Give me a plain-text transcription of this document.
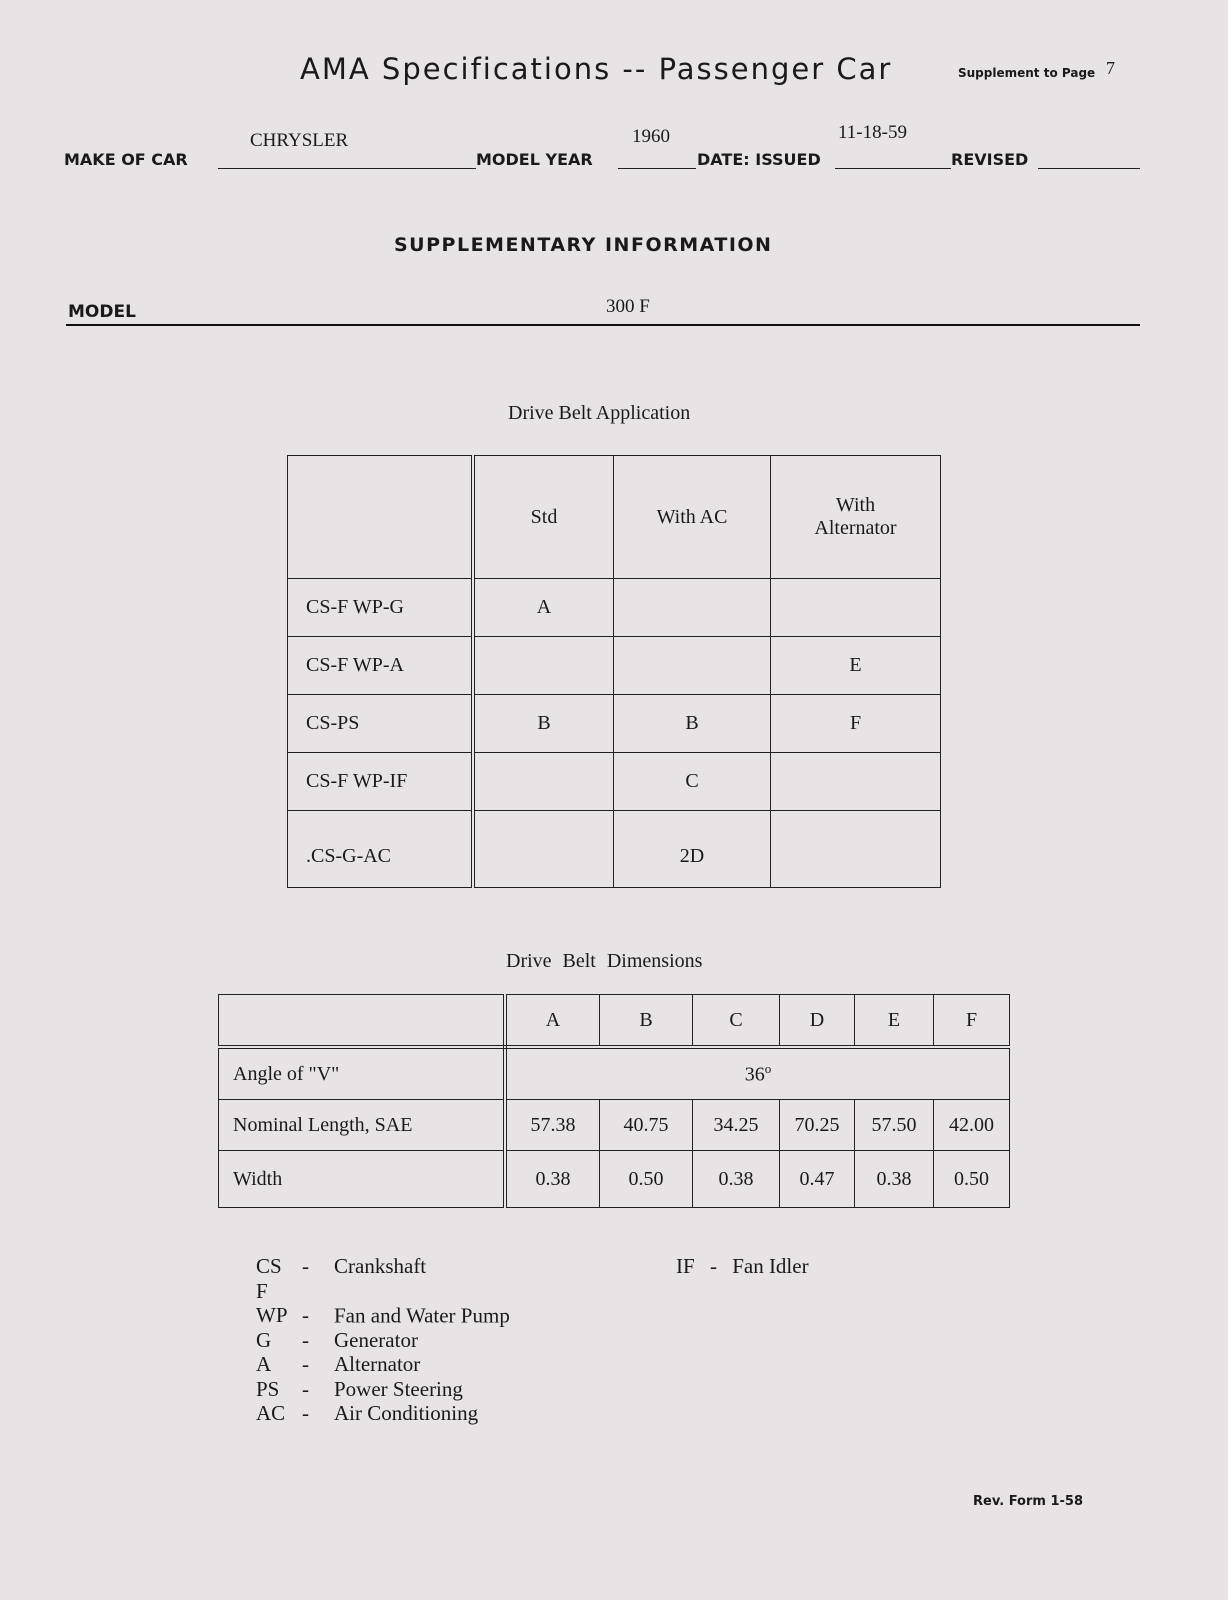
AMA Specifications -- Passenger Car	Supplement to Page 7
MAKE OF CAR
CHRYSLER
MODEL YEAR
1960
DATE: ISSUED
11-18-59
REVISED
SUPPLEMENTARY INFORMATION
MODEL	300 F
Drive Belt Application
	Std	With AC	With Alternator
CS-F WP-G	A		
CS-F WP-A			E
CS-PS	B	B	F
CS-F WP-IF		C	
.CS-G-AC		2D	
Drive Belt Dimensions
	A	B	C	D	E	F
Angle of "V"	36$^o$
Nominal Length, SAE	57.38	40.75	34.25	70.25	57.50	42.00
Width	0.38	0.50	0.38	0.47	0.38	0.50
CS - Crankshaft
F WP - Fan and Water Pump
G - Generator
A - Alternator
PS - Power Steering
AC - Air Conditioning
IF - Fan Idler
Rev. Form 1-58
